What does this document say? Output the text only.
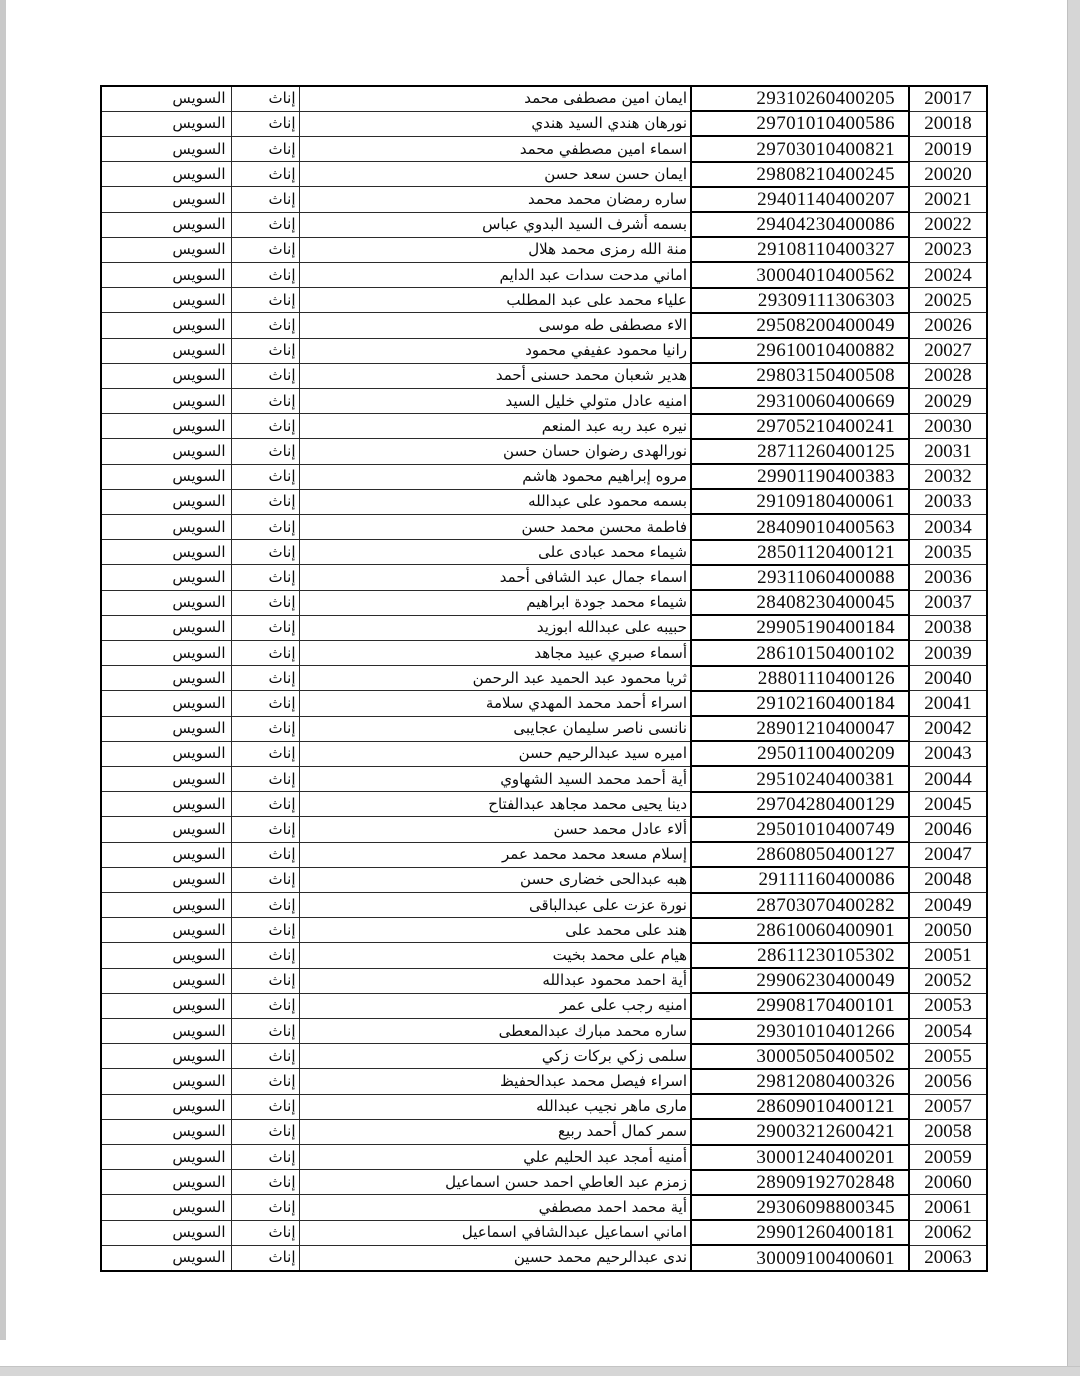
السويس	إناث	ايمان امين مصطفى محمد	29310260400205	20017
السويس	إناث	نورهان هندي السيد هندي	29701010400586	20018
السويس	إناث	اسماء امين مصطفي محمد	29703010400821	20019
السويس	إناث	ايمان حسن سعد حسن	29808210400245	20020
السويس	إناث	ساره رمضان محمد محمد	29401140400207	20021
السويس	إناث	بسمه أشرف السيد البدوي عباس	29404230400086	20022
السويس	إناث	منة الله رمزى محمد هلال	29108110400327	20023
السويس	إناث	اماني مدحت سدات عبد الدايم	30004010400562	20024
السويس	إناث	علياء محمد على عبد المطلب	29309111306303	20025
السويس	إناث	الاء مصطفى طه موسى	29508200400049	20026
السويس	إناث	رانيا محمود عفيفي محمود	29610010400882	20027
السويس	إناث	هدير شعبان محمد حسنى أحمد	29803150400508	20028
السويس	إناث	امنيه عادل متولي خليل السيد	29310060400669	20029
السويس	إناث	نيره عبد ربه عبد المنعم	29705210400241	20030
السويس	إناث	نورالهدى رضوان حسان حسن	28711260400125	20031
السويس	إناث	مروه إبراهيم محمود هاشم	29901190400383	20032
السويس	إناث	بسمه محمود على عبدالله	29109180400061	20033
السويس	إناث	فاطمة محسن محمد حسن	28409010400563	20034
السويس	إناث	شيماء محمد عبادى على	28501120400121	20035
السويس	إناث	اسماء جمال عبد الشافى أحمد	29311060400088	20036
السويس	إناث	شيماء محمد جودة ابراهيم	28408230400045	20037
السويس	إناث	حبيبه على عبدالله ابوزيد	29905190400184	20038
السويس	إناث	أسماء صبري عبيد مجاهد	28610150400102	20039
السويس	إناث	ثريا محمود عبد الحميد عبد الرحمن	28801110400126	20040
السويس	إناث	اسراء أحمد محمد المهدي سلامة	29102160400184	20041
السويس	إناث	نانسى ناصر سليمان عجايبى	28901210400047	20042
السويس	إناث	اميره سيد عبدالرحيم حسن	29501100400209	20043
السويس	إناث	أية أحمد محمد السيد الشهاوي	29510240400381	20044
السويس	إناث	دينا يحيى محمد مجاهد عبدالفتاح	29704280400129	20045
السويس	إناث	ألاء عادل محمد حسن	29501010400749	20046
السويس	إناث	إسلام مسعد محمد محمد عمر	28608050400127	20047
السويس	إناث	هبه عبدالحى خضارى حسن	29111160400086	20048
السويس	إناث	نورة عزت على عبدالباقى	28703070400282	20049
السويس	إناث	هند على محمد على	28610060400901	20050
السويس	إناث	هيام على محمد بخيت	28611230105302	20051
السويس	إناث	أية احمد محمود عبدالله	29906230400049	20052
السويس	إناث	امنيه رجب على عمر	29908170400101	20053
السويس	إناث	ساره محمد مبارك عبدالمعطى	29301010401266	20054
السويس	إناث	سلمى زكي بركات زكي	30005050400502	20055
السويس	إناث	اسراء فيصل محمد عبدالحفيظ	29812080400326	20056
السويس	إناث	مارى ماهر نجيب عبدالله	28609010400121	20057
السويس	إناث	سمر كمال أحمد ربيع	29003212600421	20058
السويس	إناث	أمنيه أمجد عبد الحليم علي	30001240400201	20059
السويس	إناث	زمزم عبد العاطي احمد حسن اسماعيل	28909192702848	20060
السويس	إناث	أية محمد احمد مصطفي	29306098800345	20061
السويس	إناث	اماني اسماعيل عبدالشافي اسماعيل	29901260400181	20062
السويس	إناث	ندى عبدالرحيم محمد حسين	30009100400601	20063
